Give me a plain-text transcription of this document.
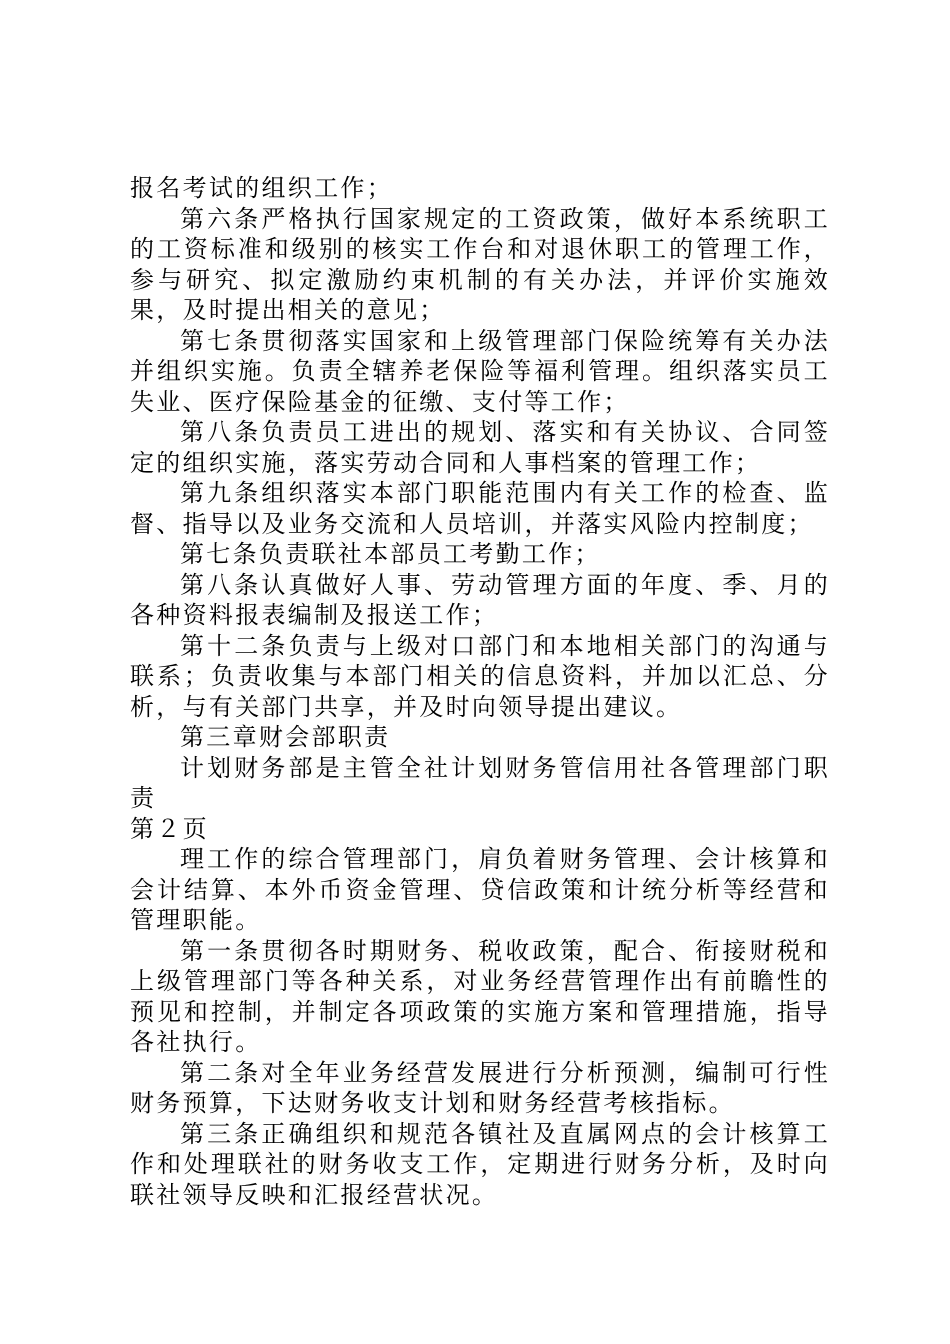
报名考试的组织工作；

第六条严格执行国家规定的工资政策，做好本系统职工的工资标准和级别的核实工作台和对退休职工的管理工作，参与研究、拟定激励约束机制的有关办法，并评价实施效果，及时提出相关的意见；

第七条贯彻落实国家和上级管理部门保险统筹有关办法并组织实施。负责全辖养老保险等福利管理。组织落实员工失业、医疗保险基金的征缴、支付等工作；

第八条负责员工进出的规划、落实和有关协议、合同签定的组织实施，落实劳动合同和人事档案的管理工作；

第九条组织落实本部门职能范围内有关工作的检查、监督、指导以及业务交流和人员培训，并落实风险内控制度；

第七条负责联社本部员工考勤工作；

第八条认真做好人事、劳动管理方面的年度、季、月的各种资料报表编制及报送工作；

第十二条负责与上级对口部门和本地相关部门的沟通与联系；负责收集与本部门相关的信息资料，并加以汇总、分析，与有关部门共享，并及时向领导提出建议。

第三章财会部职责

计划财务部是主管全社计划财务管信用社各管理部门职责

第２页

理工作的综合管理部门，肩负着财务管理、会计核算和会计结算、本外币资金管理、贷信政策和计统分析等经营和管理职能。

第一条贯彻各时期财务、税收政策，配合、衔接财税和上级管理部门等各种关系，对业务经营管理作出有前瞻性的预见和控制，并制定各项政策的实施方案和管理措施，指导各社执行。

第二条对全年业务经营发展进行分析预测，编制可行性财务预算，下达财务收支计划和财务经营考核指标。

第三条正确组织和规范各镇社及直属网点的会计核算工作和处理联社的财务收支工作，定期进行财务分析，及时向联社领导反映和汇报经营状况。
